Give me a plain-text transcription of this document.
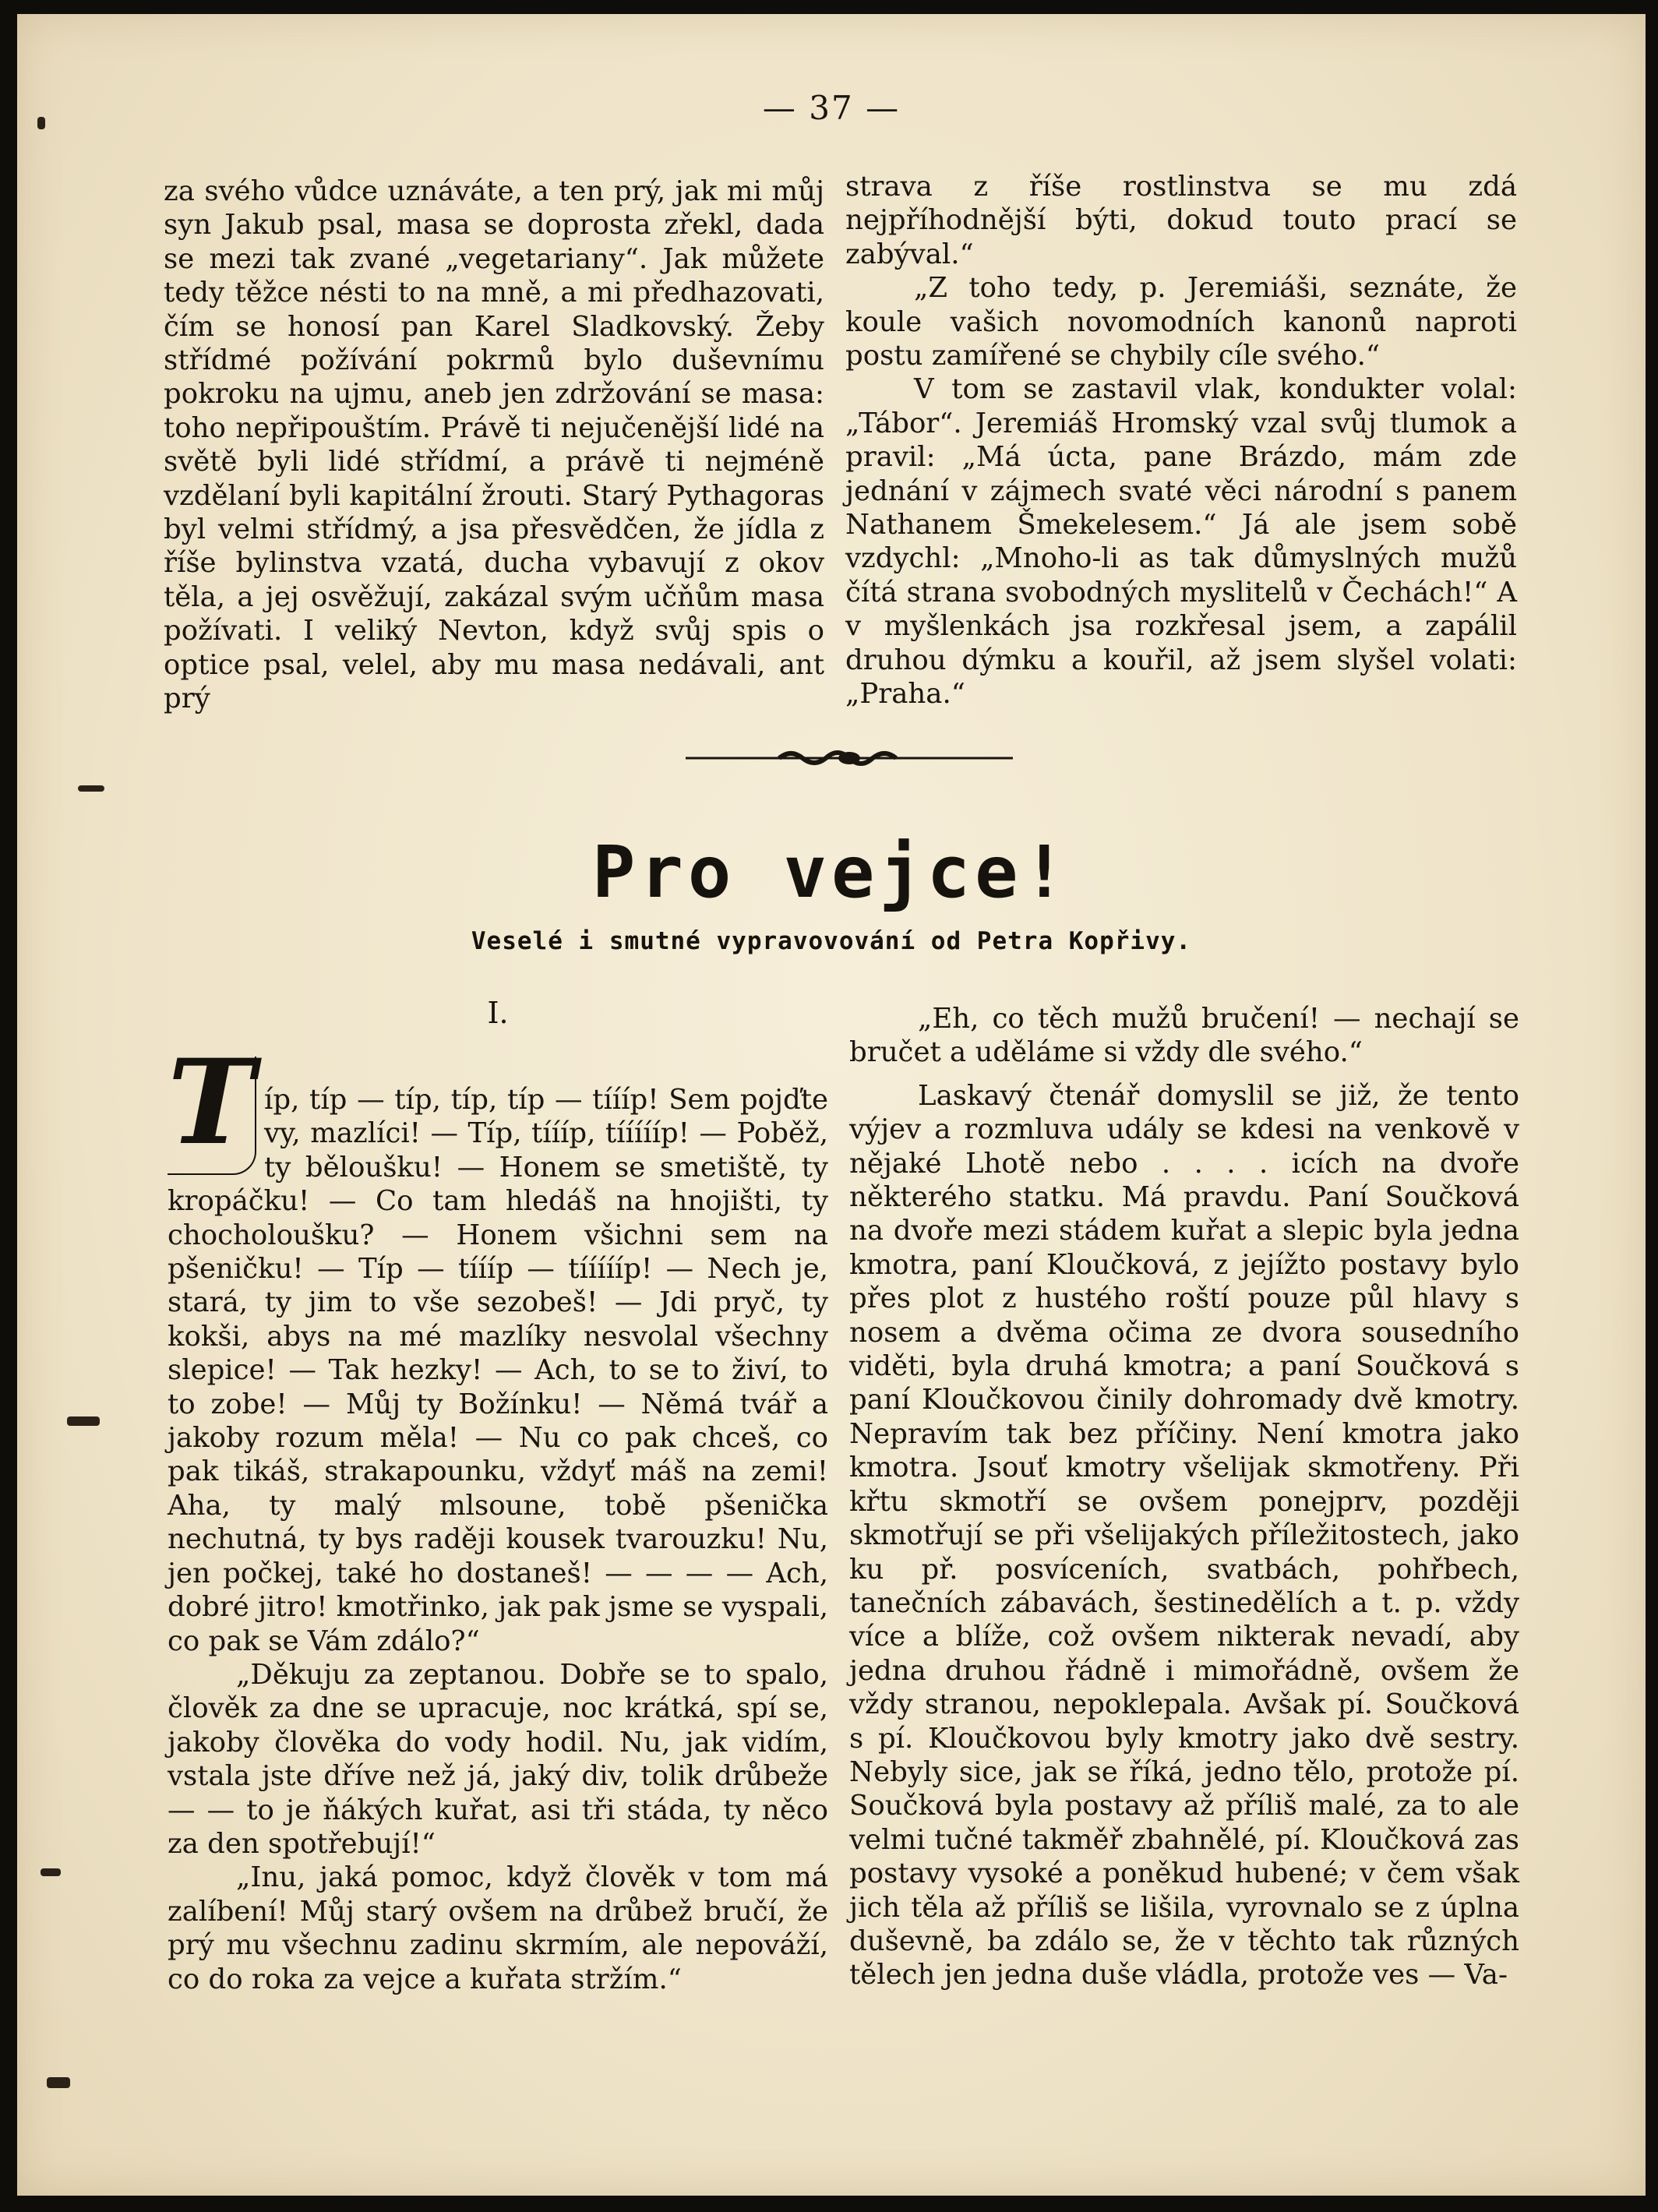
— 37 —

za svého vůdce uznáváte, a ten prý, jak mi můj syn Jakub psal, masa se doprosta zřekl, dada se mezi tak zvané „vegetariany“. Jak můžete tedy těžce nésti to na mně, a mi předhazovati, čím se honosí pan Karel Sladkovský. Žeby střídmé požívání pokrmů bylo duševnímu pokroku na ujmu, aneb jen zdržování se masa: toho nepřipouštím. Právě ti nejučenější lidé na světě byli lidé střídmí, a právě ti nejméně vzdělaní byli kapitální žrouti. Starý Pythagoras byl velmi střídmý, a jsa přesvědčen, že jídla z říše bylinstva vzatá, ducha vybavují z okov těla, a jej osvěžují, zakázal svým učňům masa požívati. I veliký Nevton, když svůj spis o optice psal, velel, aby mu masa nedávali, ant prý

strava z říše rostlinstva se mu zdá nejpříhodnější býti, dokud touto prací se zabýval.“

„Z toho tedy, p. Jeremiáši, seznáte, že koule vašich novomodních kanonů naproti postu zamířené se chybily cíle svého.“

V tom se zastavil vlak, kondukter volal: „Tábor“. Jeremiáš Hromský vzal svůj tlumok a pravil: „Má úcta, pane Brázdo, mám zde jednání v zájmech svaté věci národní s panem Nathanem Šmekelesem.“ Já ale jsem sobě vzdychl: „Mnoho-li as tak důmyslných mužů čítá strana svobodných myslitelů v Čechách!“ A v myšlenkách jsa rozkřesal jsem, a zapálil druhou dýmku a kouřil, až jsem slyšel volati: „Praha.“

Pro vejce!
Veselé i smutné vypravovování od Petra Kopřivy.
I.

T íp, típ — típ, típ, típ — tíííp! Sem pojďte vy, mazlíci! — Típ, tíííp, tíííííp! — Poběž, ty běloušku! — Honem se smetiště, ty kropáčku! — Co tam hledáš na hnojišti, ty chocholoušku? — Honem všichni sem na pšeničku! — Típ — tíííp — tíííííp! — Nech je, stará, ty jim to vše sezobeš! — Jdi pryč, ty kokši, abys na mé mazlíky nesvolal všechny slepice! — Tak hezky! — Ach, to se to živí, to to zobe! — Můj ty Božínku! — Němá tvář a jakoby rozum měla! — Nu co pak chceš, co pak tikáš, strakapounku, vždyť máš na zemi! Aha, ty malý mlsoune, tobě pšenička nechutná, ty bys raději kousek tvarouzku! Nu, jen počkej, také ho dostaneš! — — — — Ach, dobré jitro! kmotřinko, jak pak jsme se vyspali, co pak se Vám zdálo?“

„Děkuju za zeptanou. Dobře se to spalo, člověk za dne se upracuje, noc krátká, spí se, jakoby člověka do vody hodil. Nu, jak vidím, vstala jste dříve než já, jaký div, tolik drůbeže — — to je ňákých kuřat, asi tři stáda, ty něco za den spotřebují!“

„Inu, jaká pomoc, když člověk v tom má zalíbení! Můj starý ovšem na drůbež bručí, že prý mu všechnu zadinu skrmím, ale nepováží, co do roka za vejce a kuřata stržím.“

„Eh, co těch mužů bručení! — nechají se bručet a uděláme si vždy dle svého.“

Laskavý čtenář domyslil se již, že tento výjev a rozmluva udály se kdesi na venkově v nějaké Lhotě nebo . . . . icích na dvoře některého statku. Má pravdu. Paní Součková na dvoře mezi stádem kuřat a slepic byla jedna kmotra, paní Kloučková, z jejížto postavy bylo přes plot z hustého roští pouze půl hlavy s nosem a dvěma očima ze dvora sousedního viděti, byla druhá kmotra; a paní Součková s paní Kloučkovou činily dohromady dvě kmotry. Nepravím tak bez příčiny. Není kmotra jako kmotra. Jsouť kmotry všelijak skmotřeny. Při křtu skmotří se ovšem ponejprv, později skmotřují se při všelijakých příležitostech, jako ku př. posvíceních, svatbách, pohřbech, tanečních zábavách, šestinedělích a t. p. vždy více a blíže, což ovšem nikterak nevadí, aby jedna druhou řádně i mimořádně, ovšem že vždy stranou, nepoklepala. Avšak pí. Součková s pí. Kloučkovou byly kmotry jako dvě sestry. Nebyly sice, jak se říká, jedno tělo, protože pí. Součková byla postavy až příliš malé, za to ale velmi tučné takměř zbahnělé, pí. Kloučková zas postavy vysoké a poněkud hubené; v čem však jich těla až příliš se lišila, vyrovnalo se z úplna duševně, ba zdálo se, že v těchto tak různých tělech jen jedna duše vládla, protože ves — Va-
